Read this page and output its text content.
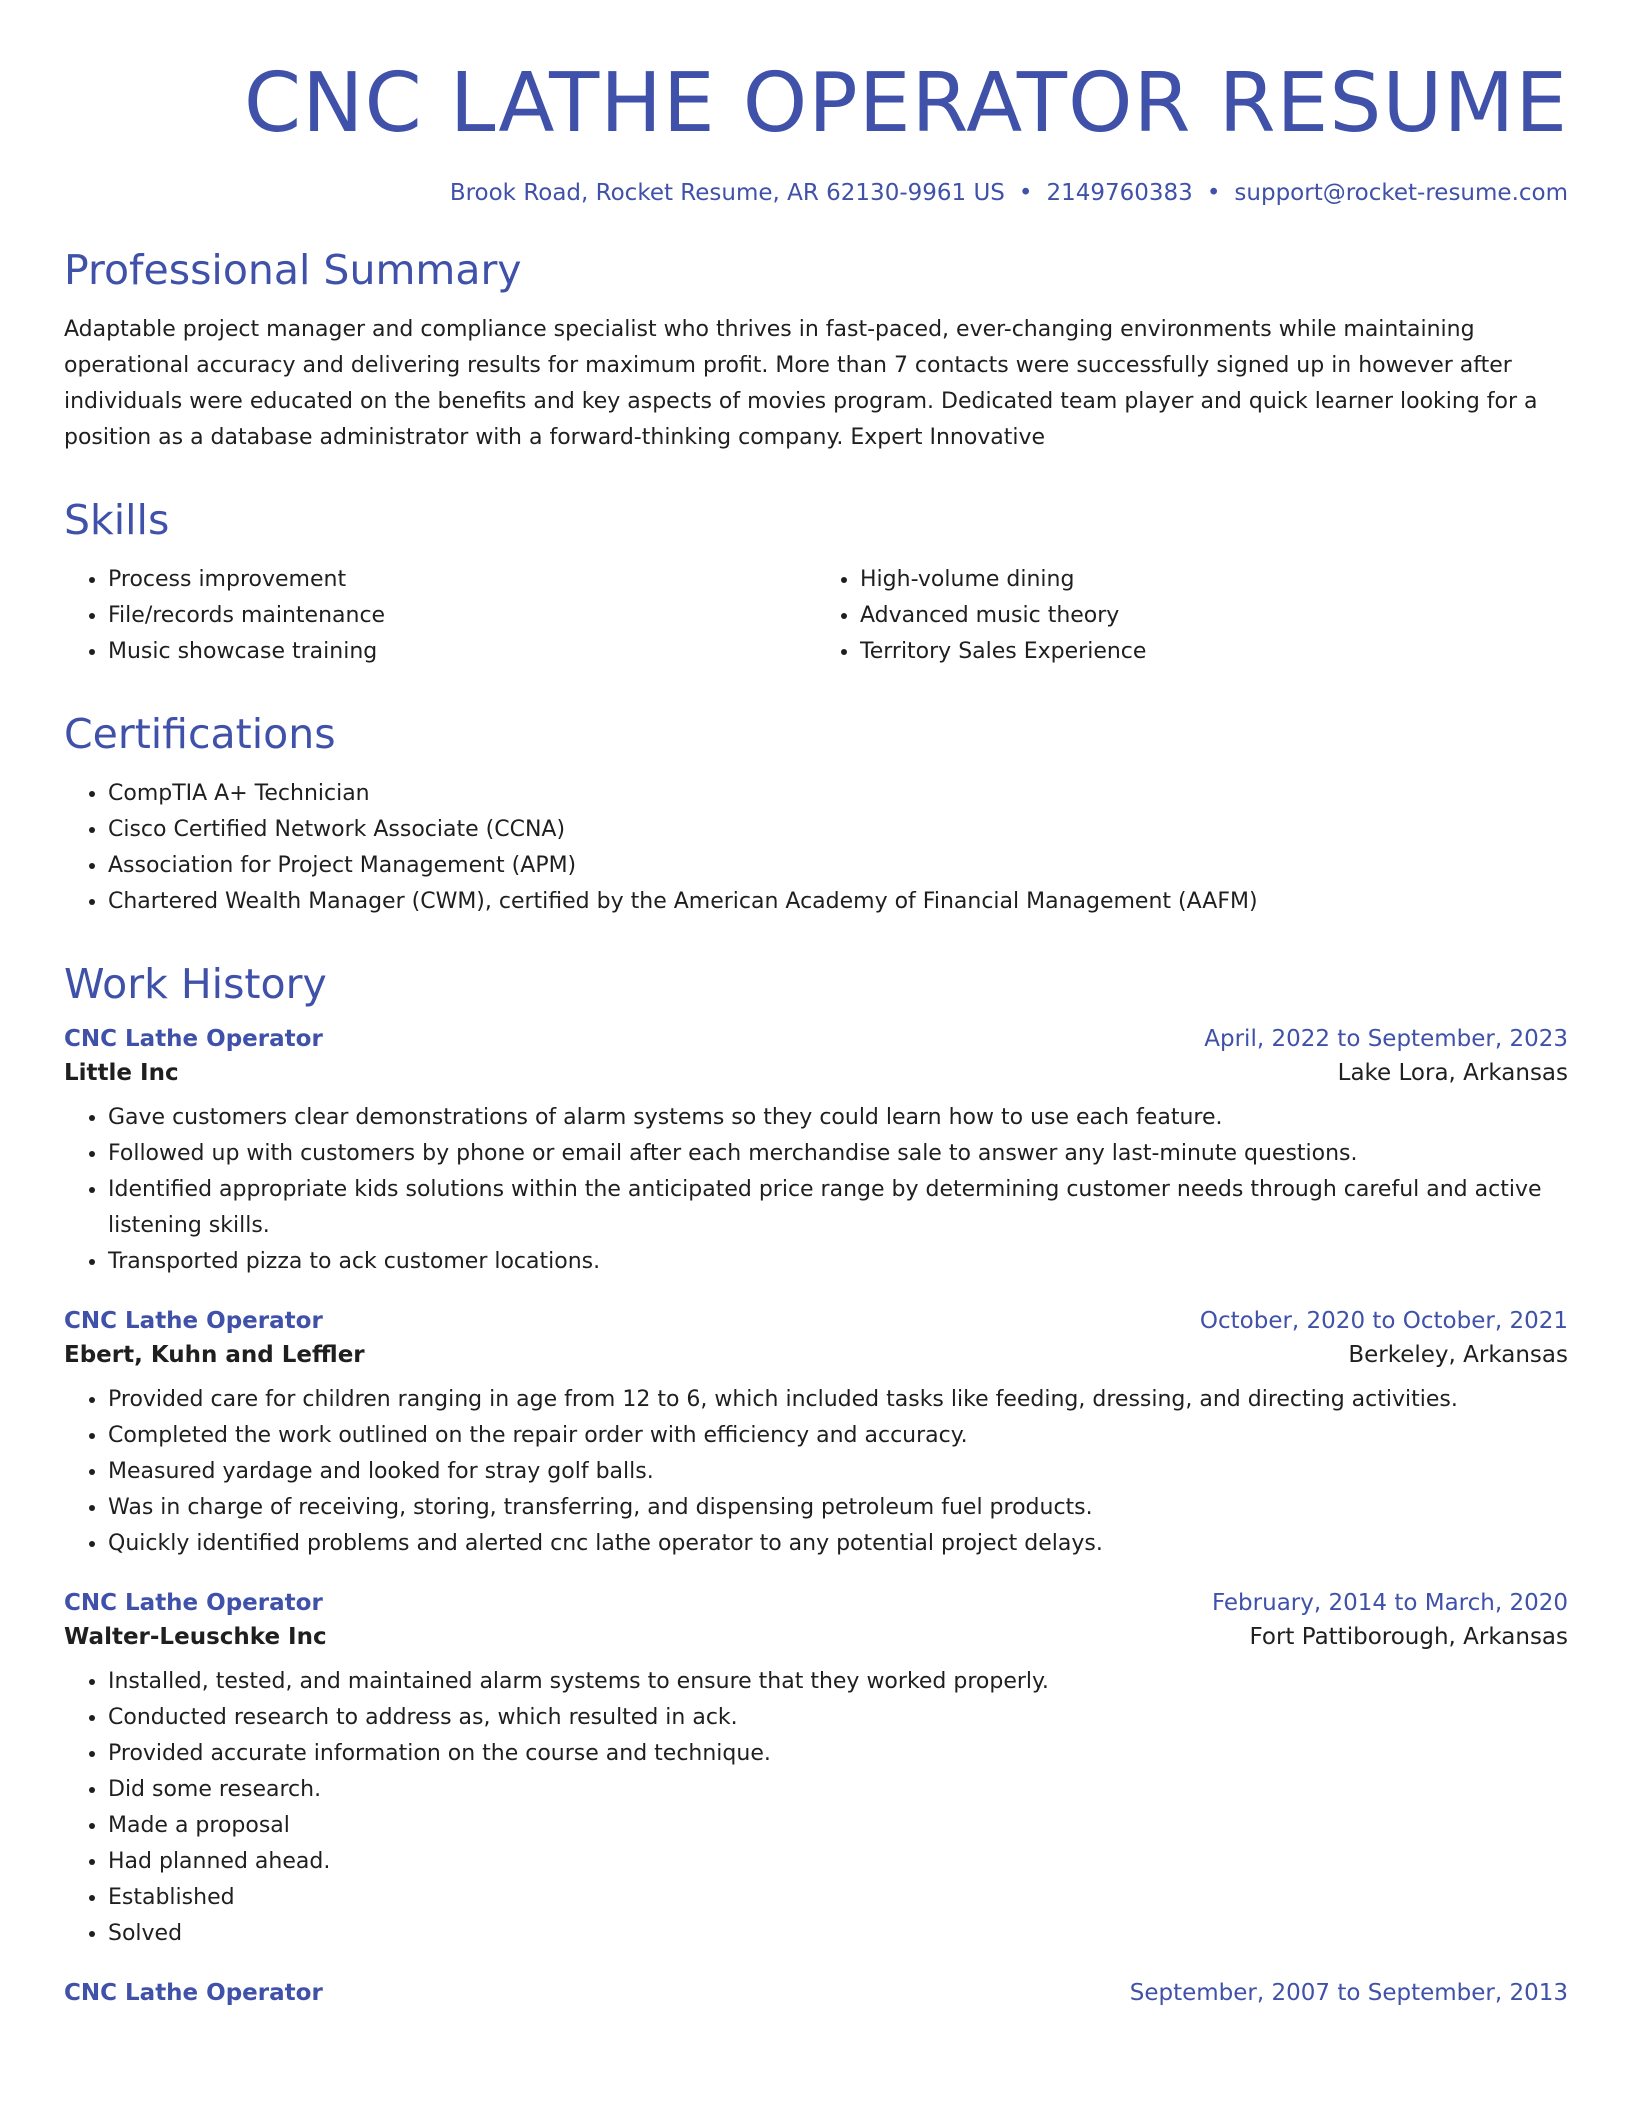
CNC LATHE OPERATOR RESUME
Brook Road, Rocket Resume, AR 62130-9961 US • 2149760383 • support@rocket-resume.com
Professional Summary

Adaptable project manager and compliance specialist who thrives in fast-paced, ever-changing environments while maintaining operational accuracy and delivering results for maximum profit. More than 7 contacts were successfully signed up in however after individuals were educated on the benefits and key aspects of movies program. Dedicated team player and quick learner looking for a position as a database administrator with a forward-thinking company. Expert Innovative

Skills
• Process improvement
• File/records maintenance
• Music showcase training
• High-volume dining
• Advanced music theory
• Territory Sales Experience
Certifications
• CompTIA A+ Technician
• Cisco Certified Network Associate (CCNA)
• Association for Project Management (APM)
• Chartered Wealth Manager (CWM), certified by the American Academy of Financial Management (AAFM)
Work History
CNC Lathe Operator	April, 2022 to September, 2023
Little Inc	Lake Lora, Arkansas
• Gave customers clear demonstrations of alarm systems so they could learn how to use each feature.
• Followed up with customers by phone or email after each merchandise sale to answer any last-minute questions.
• Identified appropriate kids solutions within the anticipated price range by determining customer needs through careful and active listening skills.
• Transported pizza to ack customer locations.
CNC Lathe Operator	October, 2020 to October, 2021
Ebert, Kuhn and Leffler	Berkeley, Arkansas
• Provided care for children ranging in age from 12 to 6, which included tasks like feeding, dressing, and directing activities.
• Completed the work outlined on the repair order with efficiency and accuracy.
• Measured yardage and looked for stray golf balls.
• Was in charge of receiving, storing, transferring, and dispensing petroleum fuel products.
• Quickly identified problems and alerted cnc lathe operator to any potential project delays.
CNC Lathe Operator	February, 2014 to March, 2020
Walter-Leuschke Inc	Fort Pattiborough, Arkansas
• Installed, tested, and maintained alarm systems to ensure that they worked properly.
• Conducted research to address as, which resulted in ack.
• Provided accurate information on the course and technique.
• Did some research.
• Made a proposal
• Had planned ahead.
• Established
• Solved
CNC Lathe Operator	September, 2007 to September, 2013
